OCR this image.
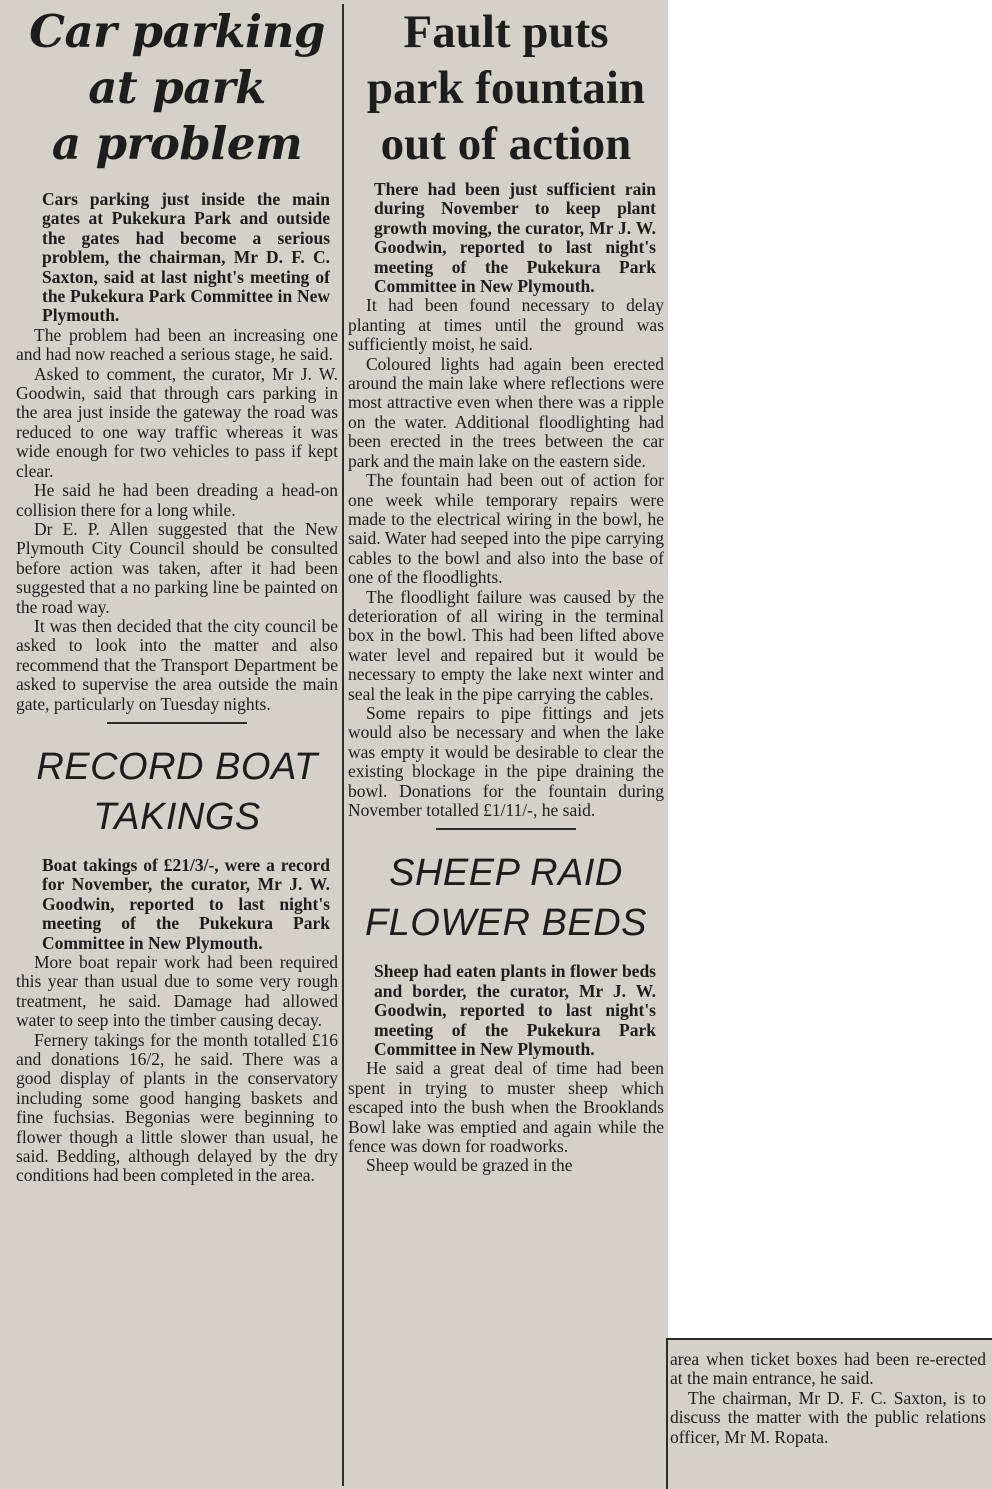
Car parking
at park
a problem

Cars parking just inside the main gates at Pukekura Park and outside the gates had become a serious problem, the chairman, Mr D. F. C. Saxton, said at last night's meeting of the Pukekura Park Committee in New Plymouth.

The problem had been an increasing one and had now reached a serious stage, he said.

Asked to comment, the curator, Mr J. W. Goodwin, said that through cars parking in the area just inside the gateway the road was reduced to one way traffic whereas it was wide enough for two vehicles to pass if kept clear.

He said he had been dreading a head-on collision there for a long while.

Dr E. P. Allen suggested that the New Plymouth City Council should be consulted before action was taken, after it had been suggested that a no parking line be painted on the road way.

It was then decided that the city council be asked to look into the matter and also recommend that the Transport Department be asked to supervise the area outside the main gate, particularly on Tuesday nights.

RECORD BOAT
TAKINGS

Boat takings of £21/3/-, were a record for November, the curator, Mr J. W. Goodwin, reported to last night's meeting of the Pukekura Park Committee in New Plymouth.

More boat repair work had been required this year than usual due to some very rough treatment, he said. Damage had allowed water to seep into the timber causing decay.

Fernery takings for the month totalled £16 and donations 16/2, he said. There was a good display of plants in the conservatory including some good hanging baskets and fine fuchsias. Begonias were beginning to flower though a little slower than usual, he said. Bedding, although delayed by the dry conditions had been completed in the area.

Fault puts
park fountain
out of action

There had been just sufficient rain during November to keep plant growth moving, the curator, Mr J. W. Goodwin, reported to last night's meeting of the Pukekura Park Committee in New Plymouth.

It had been found necessary to delay planting at times until the ground was sufficiently moist, he said.

Coloured lights had again been erected around the main lake where reflections were most attractive even when there was a ripple on the water. Additional floodlighting had been erected in the trees between the car park and the main lake on the eastern side.

The fountain had been out of action for one week while temporary repairs were made to the electrical wiring in the bowl, he said. Water had seeped into the pipe carrying cables to the bowl and also into the base of one of the floodlights.

The floodlight failure was caused by the deterioration of all wiring in the terminal box in the bowl. This had been lifted above water level and repaired but it would be necessary to empty the lake next winter and seal the leak in the pipe carrying the cables.

Some repairs to pipe fittings and jets would also be necessary and when the lake was empty it would be desirable to clear the existing blockage in the pipe draining the bowl. Donations for the fountain during November totalled £1/11/-, he said.

SHEEP RAID
FLOWER BEDS

Sheep had eaten plants in flower beds and border, the curator, Mr J. W. Goodwin, reported to last night's meeting of the Pukekura Park Committee in New Plymouth.

He said a great deal of time had been spent in trying to muster sheep which escaped into the bush when the Brooklands Bowl lake was emptied and again while the fence was down for roadworks.

Sheep would be grazed in the

area when ticket boxes had been re-erected at the main entrance, he said.

The chairman, Mr D. F. C. Saxton, is to discuss the matter with the public relations officer, Mr M. Ropata.
